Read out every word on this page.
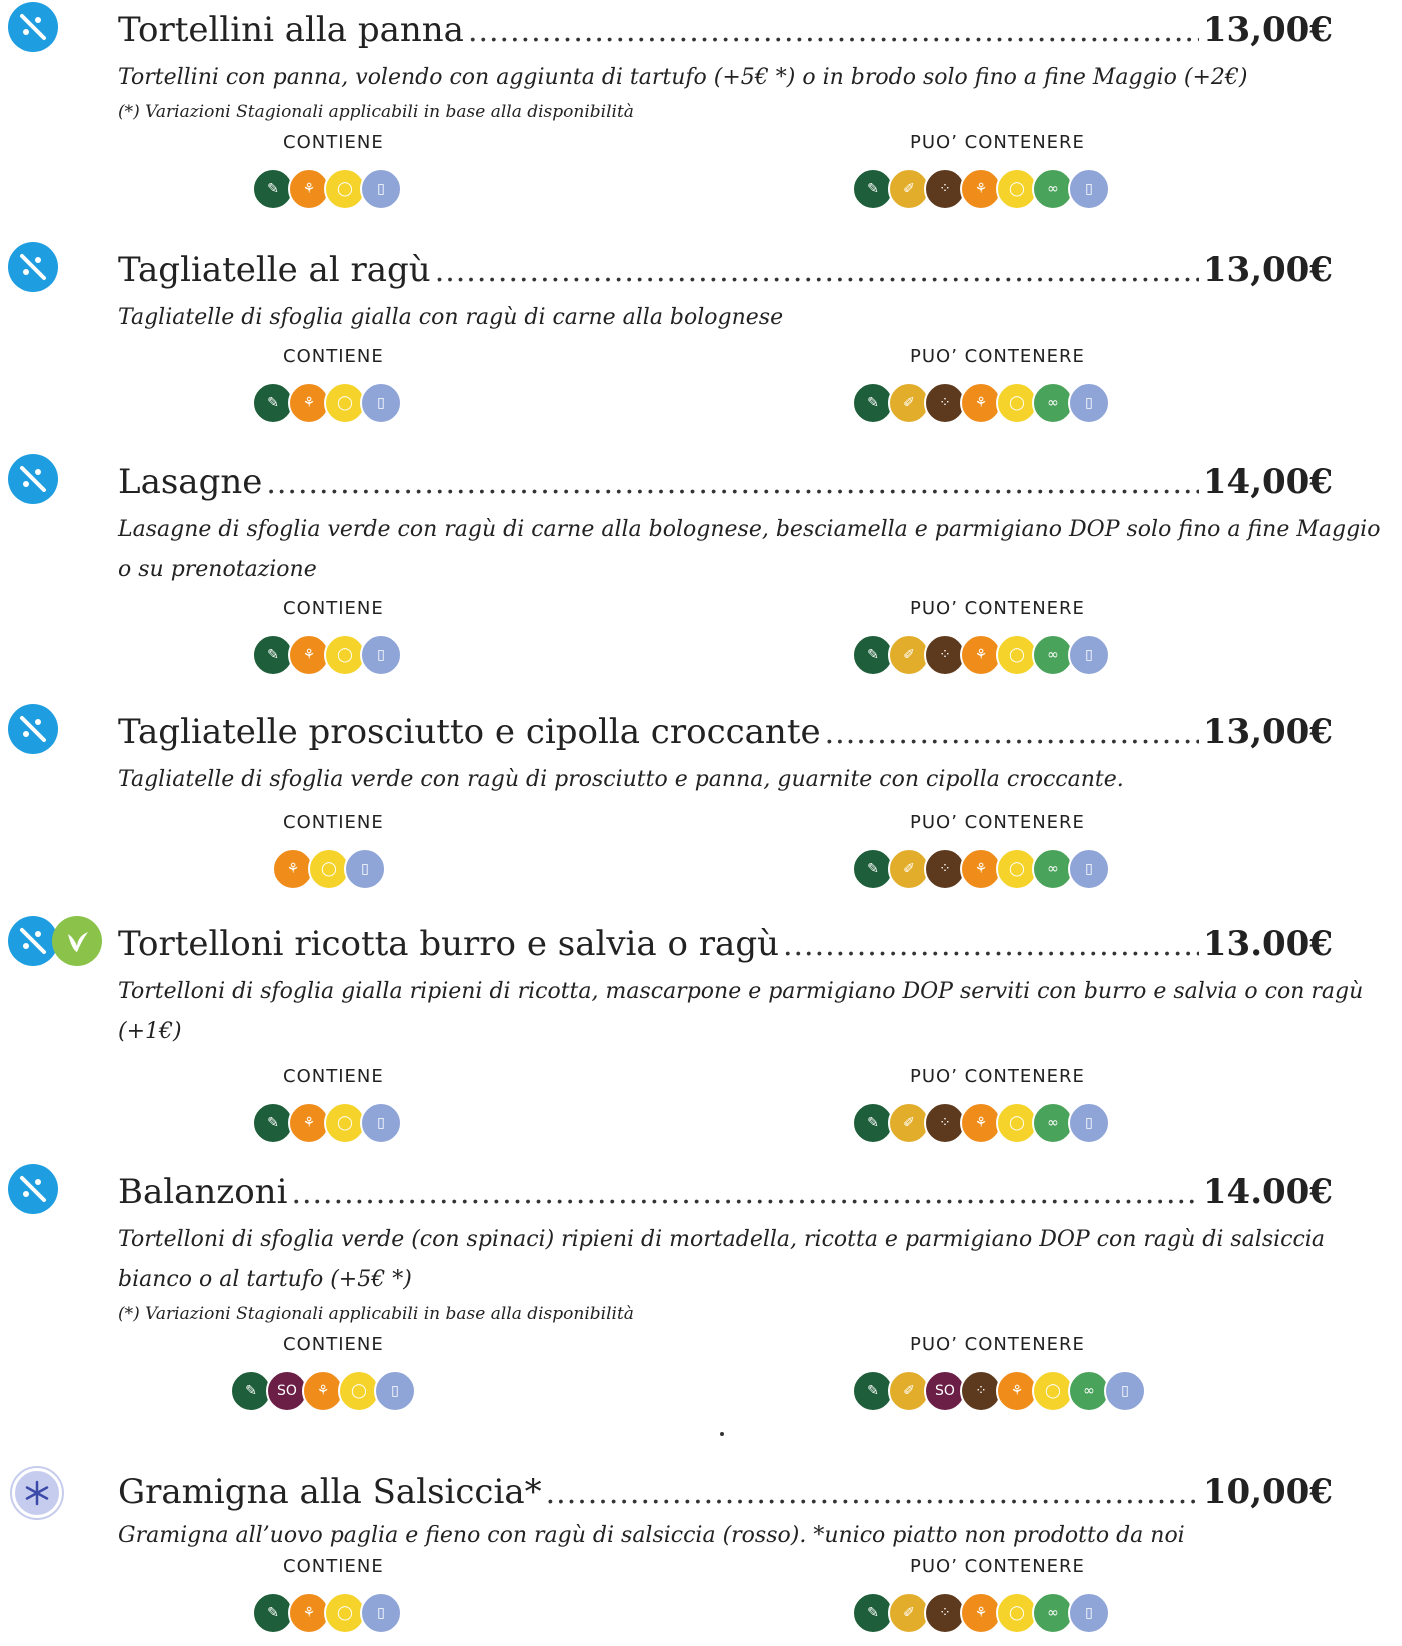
Tortellini alla panna .....	13,00€
Tortellini con panna, volendo con aggiunta di tartufo (+5€ *) o in brodo solo fino a fine Maggio (+2€)
(*) Variazioni Stagionali applicabili in base alla disponibilità
CONTIENE	PUO’ CONTENERE
✎	⚘	◯	▯	✎	✐	⁘	⚘	◯	∞	▯
Tagliatelle al ragù .....	13,00€
Tagliatelle di sfoglia gialla con ragù di carne alla bolognese
CONTIENE	PUO’ CONTENERE
✎	⚘	◯	▯	✎	✐	⁘	⚘	◯	∞	▯
Lasagne .....	14,00€
Lasagne di sfoglia verde con ragù di carne alla bolognese, besciamella e parmigiano DOP solo fino a fine Maggio o su prenotazione
CONTIENE	PUO’ CONTENERE
✎	⚘	◯	▯	✎	✐	⁘	⚘	◯	∞	▯
Tagliatelle prosciutto e cipolla croccante .....	13,00€
Tagliatelle di sfoglia verde con ragù di prosciutto e panna, guarnite con cipolla croccante.
CONTIENE	PUO’ CONTENERE
⚘	◯	▯	✎	✐	⁘	⚘	◯	∞	▯
Tortelloni ricotta burro e salvia o ragù .....	13.00€
Tortelloni di sfoglia gialla ripieni di ricotta, mascarpone e parmigiano DOP serviti con burro e salvia o con ragù (+1€)
CONTIENE	PUO’ CONTENERE
✎	⚘	◯	▯	✎	✐	⁘	⚘	◯	∞	▯
Balanzoni .....	14.00€
Tortelloni di sfoglia verde (con spinaci) ripieni di mortadella, ricotta e parmigiano DOP con ragù di salsiccia bianco o al tartufo (+5€ *)
(*) Variazioni Stagionali applicabili in base alla disponibilità
CONTIENE	PUO’ CONTENERE
✎	SO	⚘	◯	▯	✎	✐	SO	⁘	⚘	◯	∞	▯
Gramigna alla Salsiccia* .....	10,00€
Gramigna all’uovo paglia e fieno con ragù di salsiccia (rosso). *unico piatto non prodotto da noi
CONTIENE	PUO’ CONTENERE
✎	⚘	◯	▯	✎	✐	⁘	⚘	◯	∞	▯
